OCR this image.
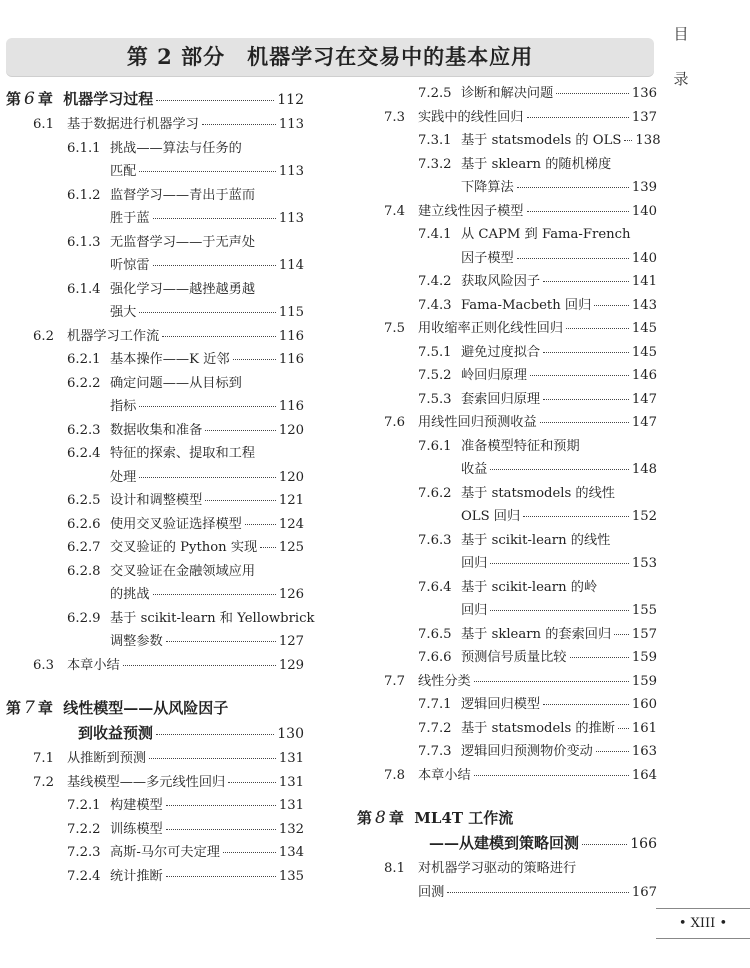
目
录
第 2 部分　机器学习在交易中的基本应用
第 6 章 机器学习过程	112
6.1 基于数据进行机器学习	113
6.1.1 挑战——算法与任务的
匹配	113
6.1.2 监督学习——青出于蓝而
胜于蓝	113
6.1.3 无监督学习——于无声处
听惊雷	114
6.1.4 强化学习——越挫越勇越
强大	115
6.2 机器学习工作流	116
6.2.1 基本操作——K 近邻	116
6.2.2 确定问题——从目标到
指标	116
6.2.3 数据收集和准备	120
6.2.4 特征的探索、提取和工程
处理	120
6.2.5 设计和调整模型	121
6.2.6 使用交叉验证选择模型	124
6.2.7 交叉验证的 Python 实现 125
6.2.8 交叉验证在金融领域应用
的挑战	126
6.2.9 基于 scikit-learn 和 Yellowbrick
调整参数	127
6.3 本章小结	129
第 7 章 线性模型——从风险因子
到收益预测	130
7.1 从推断到预测	131
7.2 基线模型——多元线性回归	131
7.2.1 构建模型	131
7.2.2 训练模型	132
7.2.3 高斯-马尔可夫定理	134
7.2.4 统计推断	135
7.2.5 诊断和解决问题	136
7.3 实践中的线性回归	137
7.3.1 基于 statsmodels 的 OLS 138
7.3.2 基于 sklearn 的随机梯度
下降算法	139
7.4 建立线性因子模型	140
7.4.1 从 CAPM 到 Fama-French
因子模型	140
7.4.2 获取风险因子	141
7.4.3 Fama-Macbeth 回归	143
7.5 用收缩率正则化线性回归	145
7.5.1 避免过度拟合	145
7.5.2 岭回归原理	146
7.5.3 套索回归原理	147
7.6 用线性回归预测收益	147
7.6.1 准备模型特征和预期
收益	148
7.6.2 基于 statsmodels 的线性
OLS 回归	152
7.6.3 基于 scikit-learn 的线性
回归	153
7.6.4 基于 scikit-learn 的岭
回归	155
7.6.5 基于 sklearn 的套索回归 157
7.6.6 预测信号质量比较	159
7.7 线性分类	159
7.7.1 逻辑回归模型	160
7.7.2 基于 statsmodels 的推断 161
7.7.3 逻辑回归预测物价变动	163
7.8 本章小结	164
第 8 章 ML4T 工作流
——从建模到策略回测	166
8.1 对机器学习驱动的策略进行
回测	167
• XIII •
